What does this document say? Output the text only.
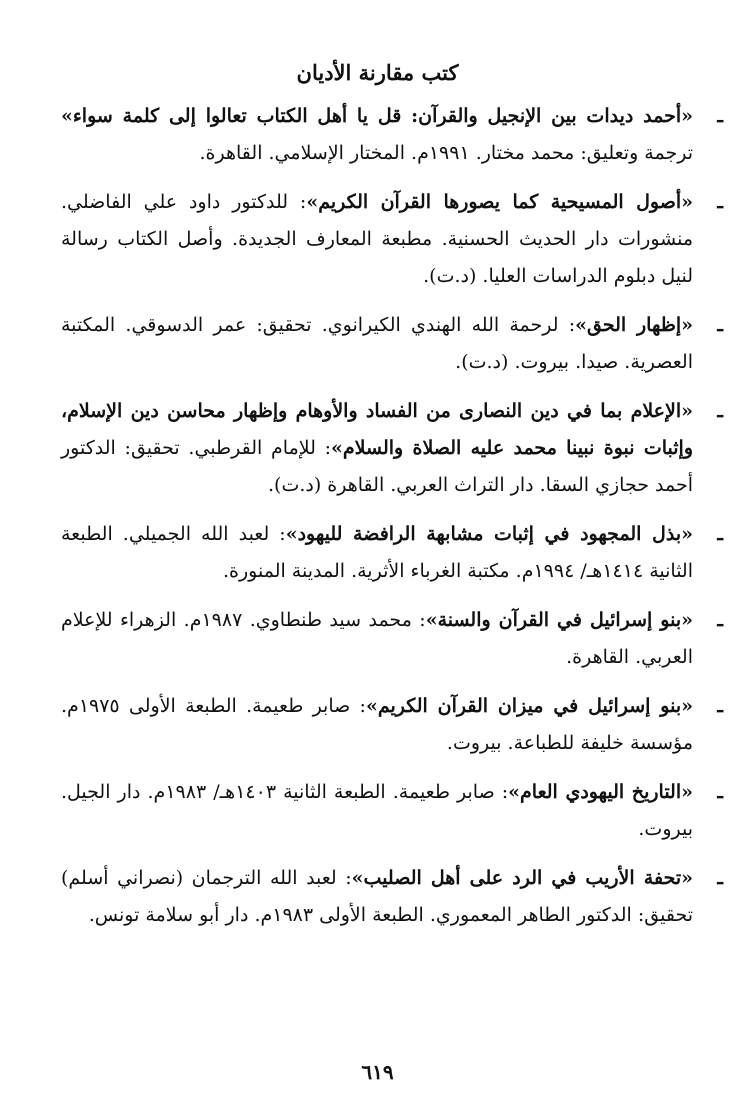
كتب مقارنة الأديان
ـ
«أحمد ديدات بين الإنجيل والقرآن: قل يا أهل الكتاب تعالوا إلى كلمة سواء» ترجمة وتعليق: محمد مختار. ١٩٩١م. المختار الإسلامي. القاهرة.
ـ
«أصول المسيحية كما يصورها القرآن الكريم»: للدكتور داود علي الفاضلي. منشورات دار الحديث الحسنية. مطبعة المعارف الجديدة. وأصل الكتاب رسالة لنيل دبلوم الدراسات العليا. (د.ت).
ـ
«إظهار الحق»: لرحمة الله الهندي الكيرانوي. تحقيق: عمر الدسوقي. المكتبة العصرية. صيدا. بيروت. (د.ت).
ـ
«الإعلام بما في دين النصارى من الفساد والأوهام وإظهار محاسن دين الإسلام، وإثبات نبوة نبينا محمد عليه الصلاة والسلام»: للإمام القرطبي. تحقيق: الدكتور أحمد حجازي السقا. دار التراث العربي. القاهرة (د.ت).
ـ
«بذل المجهود في إثبات مشابهة الرافضة لليهود»: لعبد الله الجميلي. الطبعة الثانية ١٤١٤هـ/ ١٩٩٤م. مكتبة الغرباء الأثرية. المدينة المنورة.
ـ
«بنو إسرائيل في القرآن والسنة»: محمد سيد طنطاوي. ١٩٨٧م. الزهراء للإعلام العربي. القاهرة.
ـ
«بنو إسرائيل في ميزان القرآن الكريم»: صابر طعيمة. الطبعة الأولى ١٩٧٥م. مؤسسة خليفة للطباعة. بيروت.
ـ
«التاريخ اليهودي العام»: صابر طعيمة. الطبعة الثانية ١٤٠٣هـ/ ١٩٨٣م. دار الجيل. بيروت.
ـ
«تحفة الأريب في الرد على أهل الصليب»: لعبد الله الترجمان (نصراني أسلم) تحقيق: الدكتور الطاهر المعموري. الطبعة الأولى ١٩٨٣م. دار أبو سلامة تونس.
٦١٩
